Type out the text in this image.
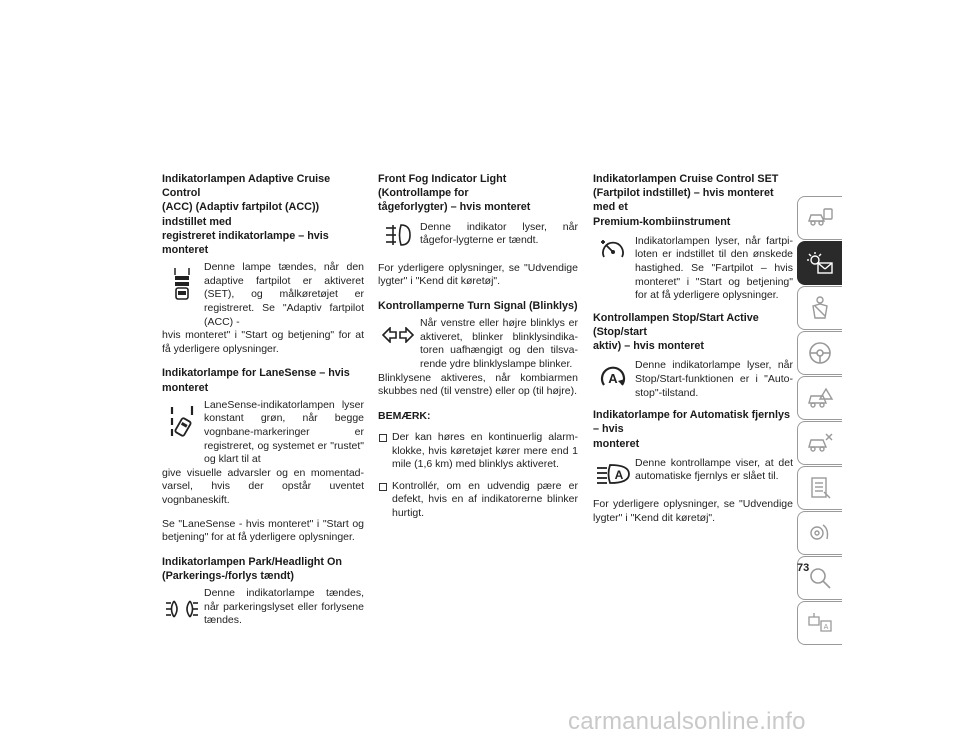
Indikatorlampen Adaptive Cruise Control
(ACC) (Adaptiv fartpilot (ACC)) indstillet med
registreret indikatorlampe – hvis monteret

Denne lampe tændes, når den adaptive fartpilot er aktiveret (SET), og målkøretøjet er registreret. Se "Adaptiv fartpilot (ACC) -

hvis monteret" i "Start og betjening" for at få yderligere oplysninger.

Indikatorlampe for LaneSense – hvis
monteret

LaneSense-indikatorlampen lyser konstant grøn, når begge vognbane-markeringer er registreret, og systemet er "rustet" og klart til at

give visuelle advarsler og en momentad-varsel, hvis der opstår uventet vognbaneskift.

Se "LaneSense - hvis monteret" i "Start og betjening" for at få yderligere oplysninger.

Indikatorlampen Park/Headlight On
(Parkerings-/forlys tændt)

Denne indikatorlampe tændes, når parkeringslyset eller forlysene tændes.

Front Fog Indicator Light (Kontrollampe for
tågeforlygter) – hvis monteret

Denne indikator lyser, når tågefor-lygterne er tændt.

For yderligere oplysninger, se "Udvendige lygter" i "Kend dit køretøj".

Kontrollamperne Turn Signal (Blinklys)

Når venstre eller højre blinklys er aktiveret, blinker blinklysindika-toren uafhængigt og den tilsva-rende ydre blinklyslampe blinker.

Blinklysene aktiveres, når kombiarmen skubbes ned (til venstre) eller op (til højre).

BEMÆRK:

Der kan høres en kontinuerlig alarm-klokke, hvis køretøjet kører mere end 1 mile (1,6 km) med blinklys aktiveret.

Kontrollér, om en udvendig pære er defekt, hvis en af indikatorerne blinker hurtigt.

Indikatorlampen Cruise Control SET
(Fartpilot indstillet) – hvis monteret med et
Premium-kombiinstrument

Indikatorlampen lyser, når fartpi-loten er indstillet til den ønskede hastighed. Se "Fartpilot – hvis monteret" i "Start og betjening" for at få yderligere oplysninger.

Kontrollampen Stop/Start Active (Stop/start
aktiv) – hvis monteret

A

Denne indikatorlampe lyser, når Stop/Start-funktionen er i "Auto-stop"-tilstand.

Indikatorlampe for Automatisk fjernlys – hvis
monteret

A

Denne kontrollampe viser, at det automatiske fjernlys er slået til.

For yderligere oplysninger, se "Udvendige lygter" i "Kend dit køretøj".

A
73
carmanualsonline.info
